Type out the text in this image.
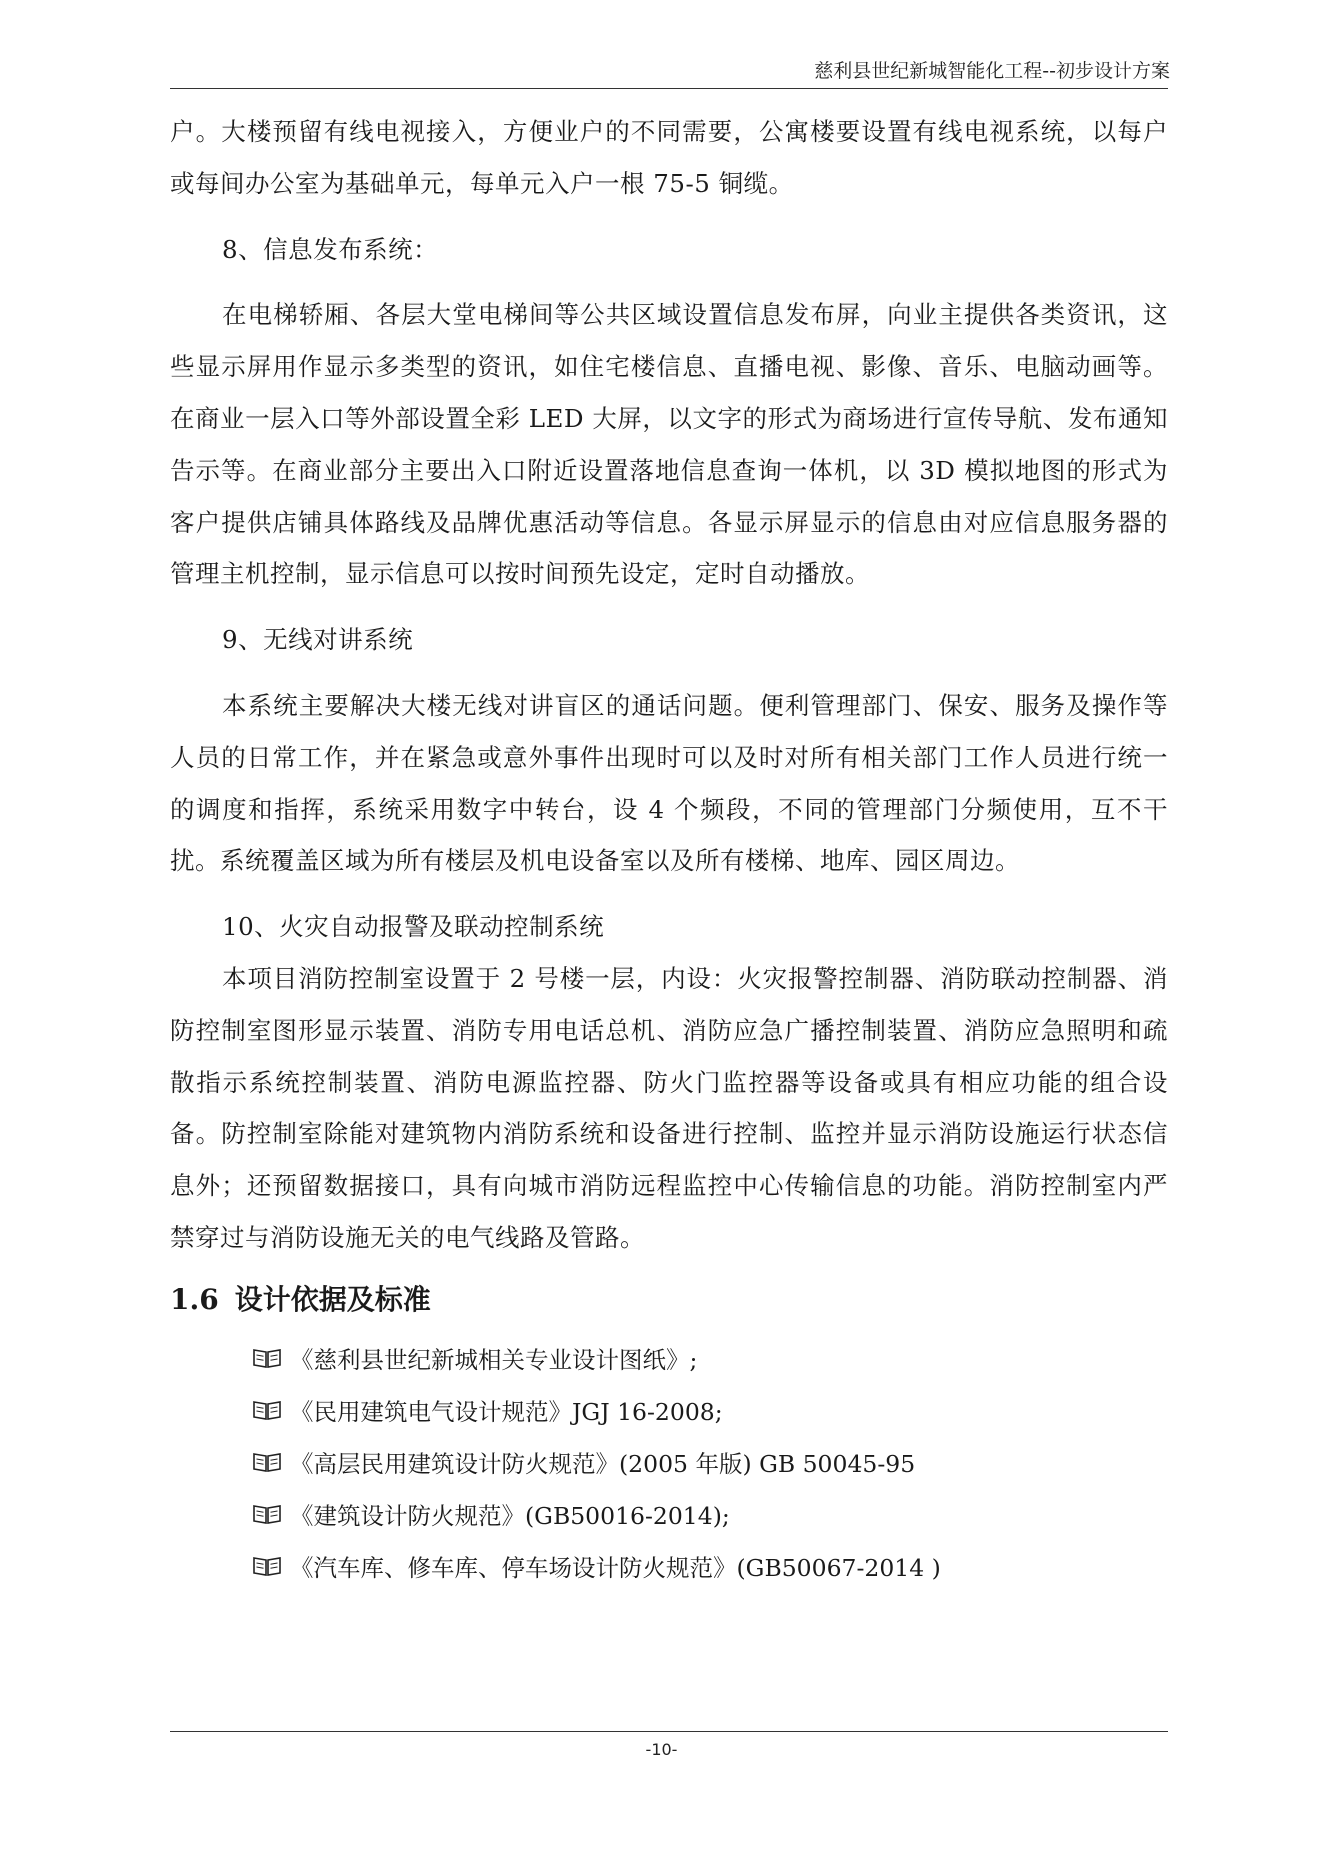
慈利县世纪新城智能化工程--初步设计方案

户。大楼预留有线电视接入，方便业户的不同需要，公寓楼要设置有线电视系统，以每户或每间办公室为基础单元，每单元入户一根 75-5 铜缆。

8、信息发布系统：

在电梯轿厢、各层大堂电梯间等公共区域设置信息发布屏，向业主提供各类资讯，这些显示屏用作显示多类型的资讯，如住宅楼信息、直播电视、影像、音乐、电脑动画等。在商业一层入口等外部设置全彩 LED 大屏，以文字的形式为商场进行宣传导航、发布通知告示等。在商业部分主要出入口附近设置落地信息查询一体机，以 3D 模拟地图的形式为客户提供店铺具体路线及品牌优惠活动等信息。各显示屏显示的信息由对应信息服务器的管理主机控制，显示信息可以按时间预先设定，定时自动播放。

9、无线对讲系统

本系统主要解决大楼无线对讲盲区的通话问题。便利管理部门、保安、服务及操作等人员的日常工作，并在紧急或意外事件出现时可以及时对所有相关部门工作人员进行统一的调度和指挥，系统采用数字中转台，设 4 个频段，不同的管理部门分频使用，互不干扰。系统覆盖区域为所有楼层及机电设备室以及所有楼梯、地库、园区周边。

10、火灾自动报警及联动控制系统

本项目消防控制室设置于 2 号楼一层，内设：火灾报警控制器、消防联动控制器、消防控制室图形显示装置、消防专用电话总机、消防应急广播控制装置、消防应急照明和疏散指示系统控制装置、消防电源监控器、防火门监控器等设备或具有相应功能的组合设备。防控制室除能对建筑物内消防系统和设备进行控制、监控并显示消防设施运行状态信息外；还预留数据接口，具有向城市消防远程监控中心传输信息的功能。消防控制室内严禁穿过与消防设施无关的电气线路及管路。

1.6 设计依据及标准
《慈利县世纪新城相关专业设计图纸》;
《民用建筑电气设计规范》JGJ 16-2008;
《高层民用建筑设计防火规范》(2005 年版) GB 50045-95
《建筑设计防火规范》(GB50016-2014);
《汽车库、修车库、停车场设计防火规范》(GB50067-2014 )
-10-
